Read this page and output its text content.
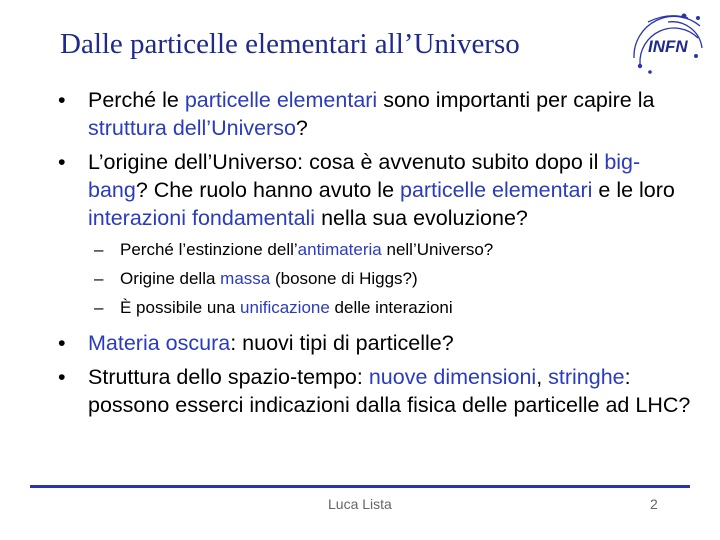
Dalle particelle elementari all’Universo	INFN
• Perché le particelle elementari sono importanti per capire la struttura dell’Universo?
• L’origine dell’Universo: cosa è avvenuto subito dopo il big-bang? Che ruolo hanno avuto le particelle elementari e le loro interazioni fondamentali nella sua evoluzione?
– Perché l’estinzione dell’antimateria nell’Universo?
– Origine della massa (bosone di Higgs?)
– È possibile una unificazione delle interazioni
• Materia oscura: nuovi tipi di particelle?
• Struttura dello spazio-tempo: nuove dimensioni, stringhe: possono esserci indicazioni dalla fisica delle particelle ad LHC?
Luca Lista	2
